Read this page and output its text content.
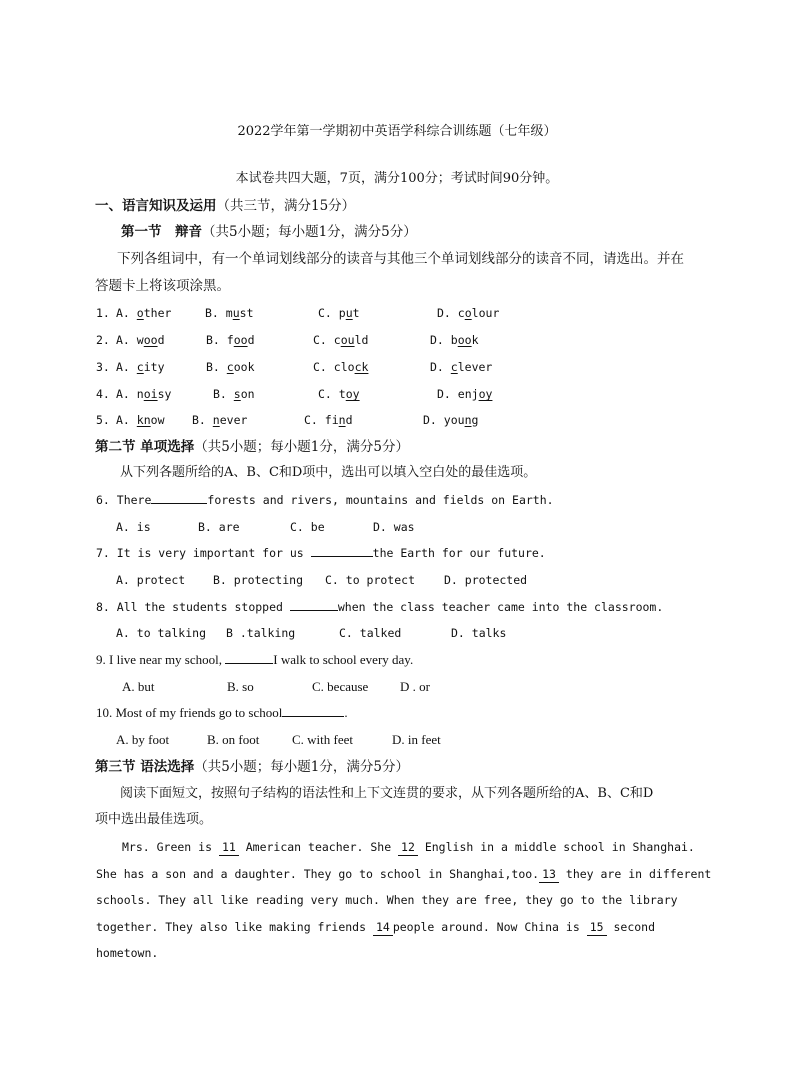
2022学年第一学期初中英语学科综合训练题（七年级）
本试卷共四大题，7页，满分100分；考试时间90分钟。
一、语言知识及运用（共三节，满分15分）
第一节　辩音（共5小题；每小题1分，满分5分）
下列各组词中，有一个单词划线部分的读音与其他三个单词划线部分的读音不同，请选出。并在
答题卡上将该项涂黑。
1. A. other	B. must	C. put	D. colour
2. A. wood	B. food	C. could	D. book
3. A. city	B. cook	C. clock	D. clever
4. A. noisy	B. son	C. toy	D. enjoy
5. A. know B. never	C. find	D. young
第二节 单项选择（共5小题；每小题1分，满分5分）
从下列各题所给的A、B、C和D项中，选出可以填入空白处的最佳选项。
6. There	forests and rivers, mountains and fields on Earth.
A. is	B. are	C. be	D. was
7. It is very important for us	the Earth for our future.
A. protect B. protecting C. to protect	D. protected
8. All the students stopped	when the class teacher came into the classroom.
A. to talking B .talking	C. talked	D. talks
9. I live near my school,	I walk to school every day.
A. but	B. so	C. because D . or
10. Most of my friends go to school	.
A. by foot	B. on foot	C. with feet	D. in feet
第三节 语法选择（共5小题；每小题1分，满分5分）
阅读下面短文，按照句子结构的语法性和上下文连贯的要求，从下列各题所给的A、B、C和D
项中选出最佳选项。
Mrs. Green is 11 American teacher. She 12 English in a middle school in Shanghai.
She has a son and a daughter. They go to school in Shanghai,too. 13 they are in different
schools. They all like reading very much. When they are free, they go to the library
together. They also like making friends 14 people around. Now China is 15 second
hometown.
